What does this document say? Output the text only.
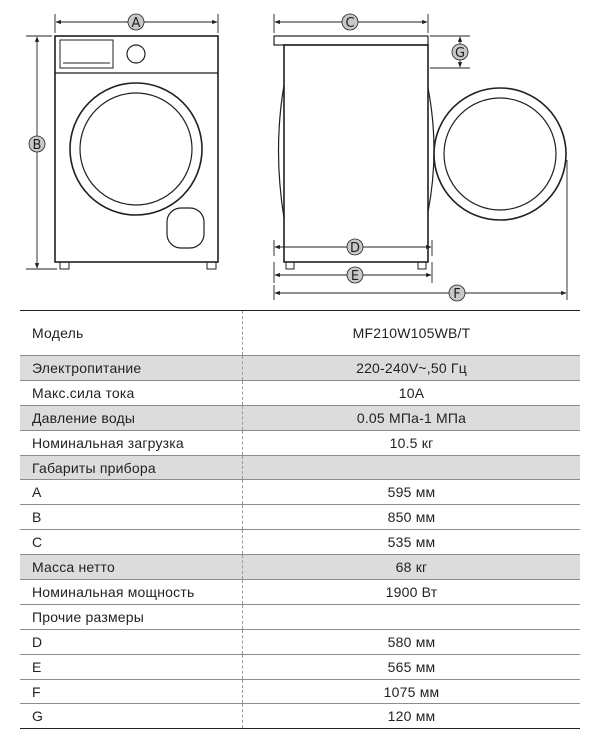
A
B
C
G
D
E
F
Модель	MF210W105WB/T
Электропитание	220-240V~,50 Гц
Макс.сила тока	10A
Давление воды	0.05 МПа-1 МПа
Номинальная загрузка	10.5 кг
Габариты прибора	
A	595 мм
B	850 мм
C	535 мм
Масса нетто	68 кг
Номинальная мощность	1900 Вт
Прочие размеры	
D	580 мм
E	565 мм
F	1075 мм
G	120 мм
